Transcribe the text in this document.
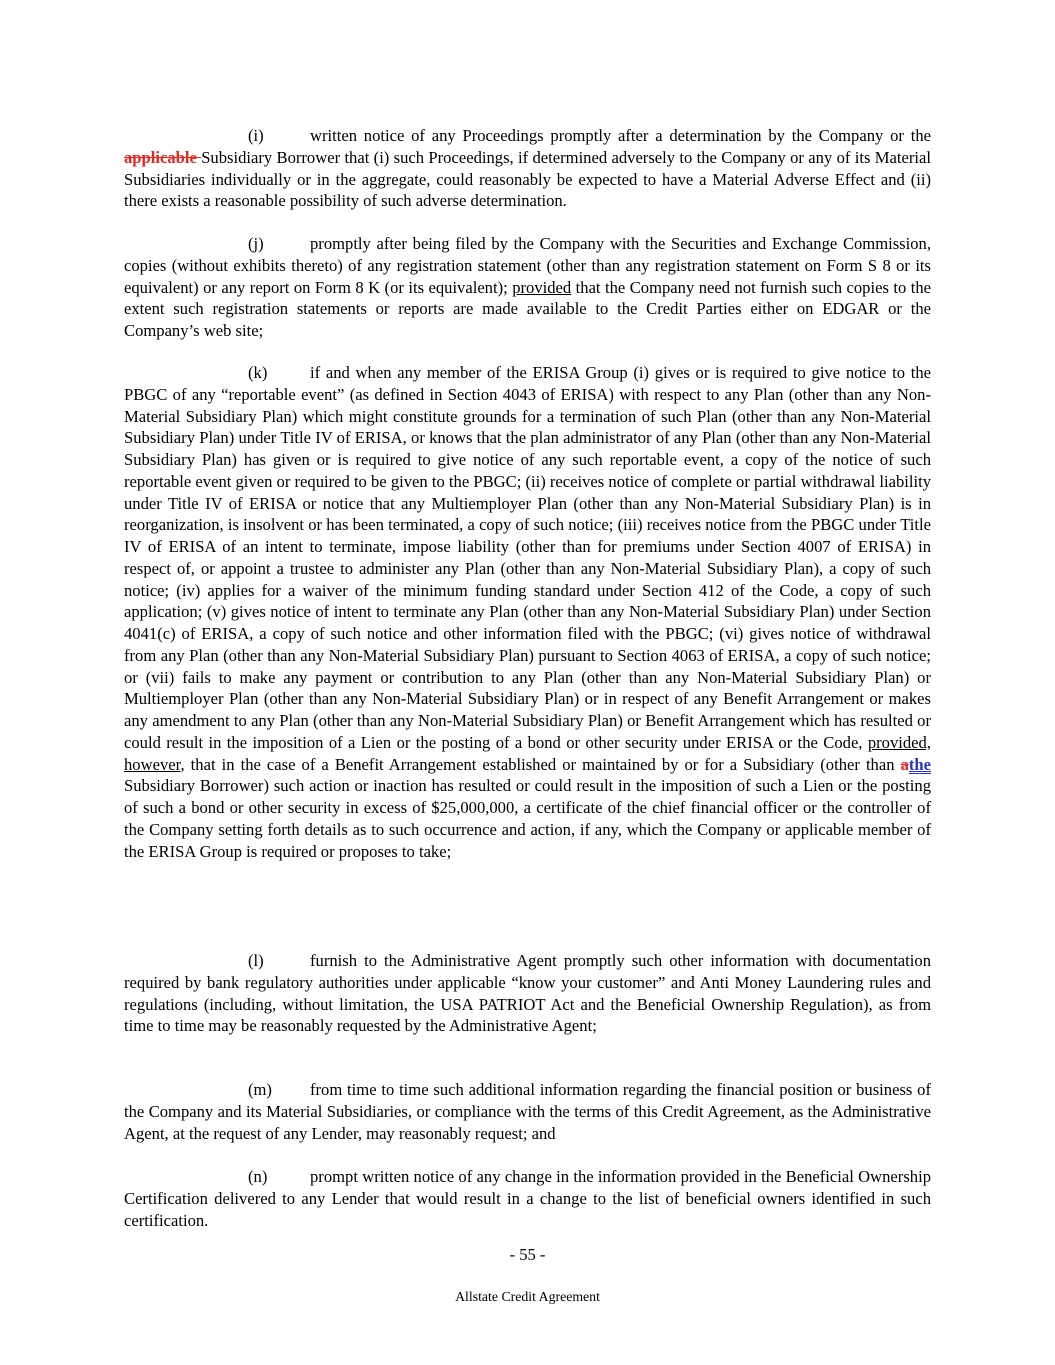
(i)	written notice of any Proceedings promptly after a determination by the Company or the applicable Subsidiary Borrower that (i) such Proceedings, if determined adversely to the Company or any of its Material Subsidiaries individually or in the aggregate, could reasonably be expected to have a Material Adverse Effect and (ii) there exists a reasonable possibility of such adverse determination.

(j)	promptly after being filed by the Company with the Securities and Exchange Commission, copies (without exhibits thereto) of any registration statement (other than any registration statement on Form S 8 or its equivalent) or any report on Form 8 K (or its equivalent); provided that the Company need not furnish such copies to the extent such registration statements or reports are made available to the Credit Parties either on EDGAR or the Company’s web site;

(k)	if and when any member of the ERISA Group (i) gives or is required to give notice to the PBGC of any “reportable event” (as defined in Section 4043 of ERISA) with respect to any Plan (other than any Non-Material Subsidiary Plan) which might constitute grounds for a termination of such Plan (other than any Non-Material Subsidiary Plan) under Title IV of ERISA, or knows that the plan administrator of any Plan (other than any Non-Material Subsidiary Plan) has given or is required to give notice of any such reportable event, a copy of the notice of such reportable event given or required to be given to the PBGC; (ii) receives notice of complete or partial withdrawal liability under Title IV of ERISA or notice that any Multiemployer Plan (other than any Non-Material Subsidiary Plan) is in reorganization, is insolvent or has been terminated, a copy of such notice; (iii) receives notice from the PBGC under Title IV of ERISA of an intent to terminate, impose liability (other than for premiums under Section 4007 of ERISA) in respect of, or appoint a trustee to administer any Plan (other than any Non-Material Subsidiary Plan), a copy of such notice; (iv) applies for a waiver of the minimum funding standard under Section 412 of the Code, a copy of such application; (v) gives notice of intent to terminate any Plan (other than any Non-Material Subsidiary Plan) under Section 4041(c) of ERISA, a copy of such notice and other information filed with the PBGC; (vi) gives notice of withdrawal from any Plan (other than any Non-Material Subsidiary Plan) pursuant to Section 4063 of ERISA, a copy of such notice; or (vii) fails to make any payment or contribution to any Plan (other than any Non-Material Subsidiary Plan) or Multiemployer Plan (other than any Non-Material Subsidiary Plan) or in respect of any Benefit Arrangement or makes any amendment to any Plan (other than any Non-Material Subsidiary Plan) or Benefit Arrangement which has resulted or could result in the imposition of a Lien or the posting of a bond or other security under ERISA or the Code, provided, however, that in the case of a Benefit Arrangement established or maintained by or for a Subsidiary (other than athe Subsidiary Borrower) such action or inaction has resulted or could result in the imposition of such a Lien or the posting of such a bond or other security in excess of $25,000,000, a certificate of the chief financial officer or the controller of the Company setting forth details as to such occurrence and action, if any, which the Company or applicable member of the ERISA Group is required or proposes to take;

(l)	furnish to the Administrative Agent promptly such other information with documentation required by bank regulatory authorities under applicable “know your customer” and Anti Money Laundering rules and regulations (including, without limitation, the USA PATRIOT Act and the Beneficial Ownership Regulation), as from time to time may be reasonably requested by the Administrative Agent;

(m) from time to time such additional information regarding the financial position or business of the Company and its Material Subsidiaries, or compliance with the terms of this Credit Agreement, as the Administrative Agent, at the request of any Lender, may reasonably request; and

(n)	prompt written notice of any change in the information provided in the Beneficial Ownership Certification delivered to any Lender that would result in a change to the list of beneficial owners identified in such certification.

- 55 -
Allstate Credit Agreement
